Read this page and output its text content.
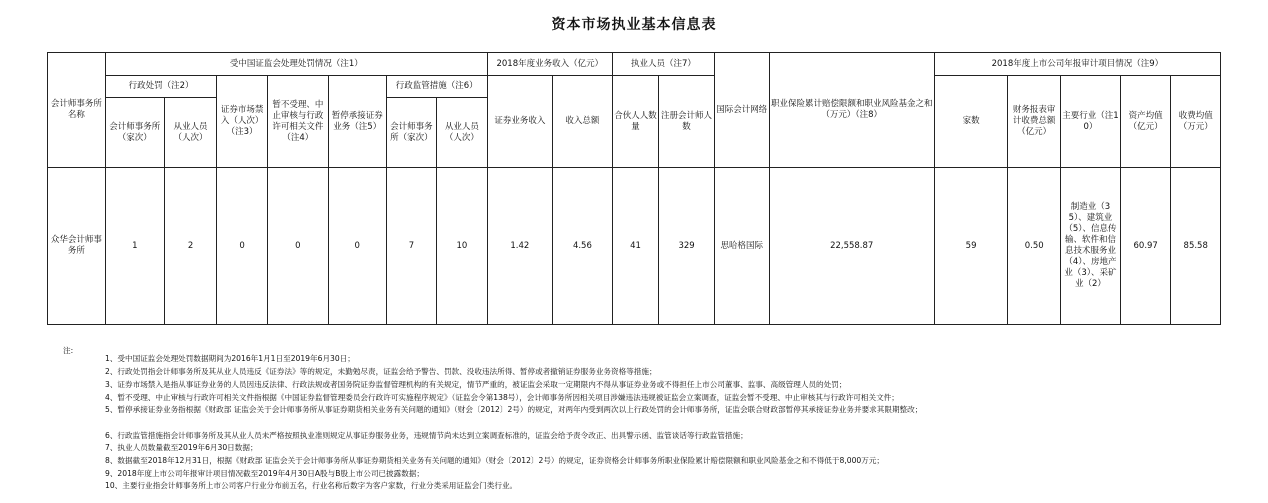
资本市场执业基本信息表
会计师事务所名称	受中国证监会处理处罚情况（注1）							2018年度业务收入（亿元）		执业人员（注7）		国际会计网络	职业保险累计赔偿限额和职业风险基金之和（万元）（注8）	2018年度上市公司年报审计项目情况（注9）				
	行政处罚（注2）		证券市场禁入（人次）（注3）	暂不受理、中止审核与行政许可相关文件（注4）	暂停承接证券业务（注5）	行政监管措施（注6）		证券业务收入	收入总额	合伙人人数量	注册会计师人数			家数	财务报表审计收费总额（亿元）	主要行业（注10）	资产均值（亿元）	收费均值（万元）
	会计师事务所（家次）	从业人员（人次）				会计师事务所（家次）	从业人员（人次）											
众华会计师事务所	1	2	0	0	0	7	10	1.42	4.56	41	329	思哈格国际	22,558.87	59	0.50	制造业（35）、建筑业（5）、信息传输、软件和信息技术服务业（4）、房地产业（3）、采矿业（2）	60.97	85.58
注:
1、受中国证监会处理处罚数据期间为2016年1月1日至2019年6月30日；
2、行政处罚指会计师事务所及其从业人员违反《证券法》等的规定，未勤勉尽责，证监会给予警告、罚款、没收违法所得、暂停或者撤销证券服务业务资格等措施；
3、证券市场禁入是指从事证券业务的人员因违反法律、行政法规或者国务院证券监督管理机构的有关规定，情节严重的，被证监会采取一定期限内不得从事证券业务或不得担任上市公司董事、监事、高级管理人员的处罚；
4、暂不受理、中止审核与行政许可相关文件指根据《中国证券监督管理委员会行政许可实施程序规定》（证监会令第138号），会计师事务所因相关项目涉嫌违法违规被证监会立案调查，证监会暂不受理、中止审核其与行政许可相关文件；
5、暂停承接证券业务指根据《财政部 证监会关于会计师事务所从事证券期货相关业务有关问题的通知》（财会〔2012〕2号）的规定，对两年内受到两次以上行政处罚的会计师事务所，证监会联合财政部暂停其承接证券业务并要求其限期整改；
6、行政监管措施指会计师事务所及其从业人员未严格按照执业准则规定从事证券服务业务，违规情节尚未达到立案调查标准的，证监会给予责令改正、出具警示函、监管谈话等行政监管措施；
7、执业人员数量截至2019年6月30日数据；
8、数据截至2018年12月31日，根据《财政部 证监会关于会计师事务所从事证券期货相关业务有关问题的通知》（财会〔2012〕2号）的规定，证券资格会计师事务所职业保险累计赔偿限额和职业风险基金之和不得低于8,000万元；
9、2018年度上市公司年报审计项目情况截至2019年4月30日A股与B股上市公司已披露数据；
10、主要行业指会计师事务所上市公司客户行业分布前五名，行业名称后数字为客户家数，行业分类采用证监会门类行业。
